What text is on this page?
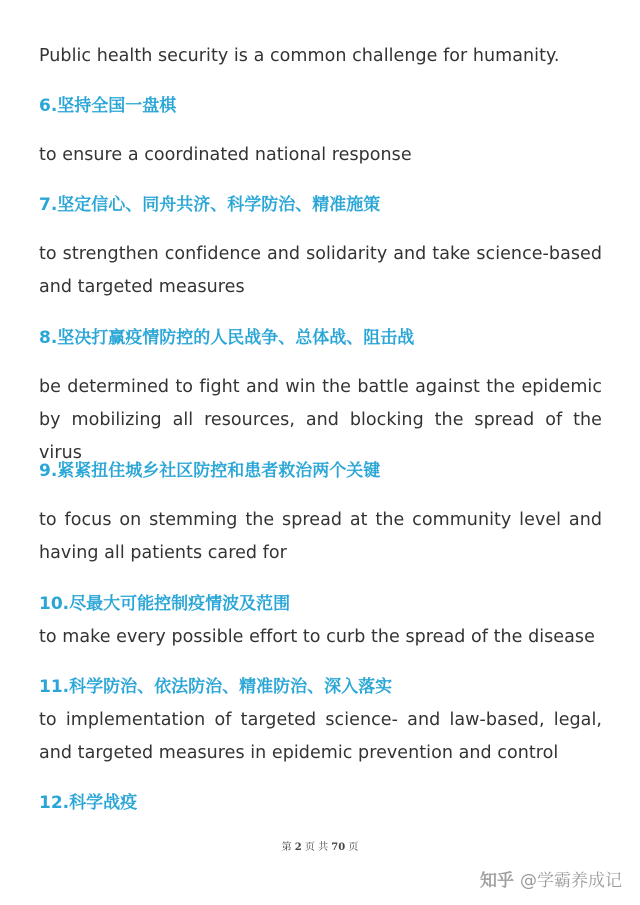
Public health security is a common challenge for humanity.

6.坚持全国一盘棋

to ensure a coordinated national response

7.坚定信心、同舟共济、科学防治、精准施策

to strengthen confidence and solidarity and take science-based and targeted measures

8.坚决打赢疫情防控的人民战争、总体战、阻击战

be determined to fight and win the battle against the epidemic by mobilizing all resources, and blocking the spread of the virus

9.紧紧扭住城乡社区防控和患者救治两个关键

to focus on stemming the spread at the community level and having all patients cared for

10.尽最大可能控制疫情波及范围

to make every possible effort to curb the spread of the disease

11.科学防治、依法防治、精准防治、深入落实

to implementation of targeted science- and law-based, legal, and targeted measures in epidemic prevention and control

12.科学战疫
第 2 页 共 70 页
知乎 @学霸养成记
